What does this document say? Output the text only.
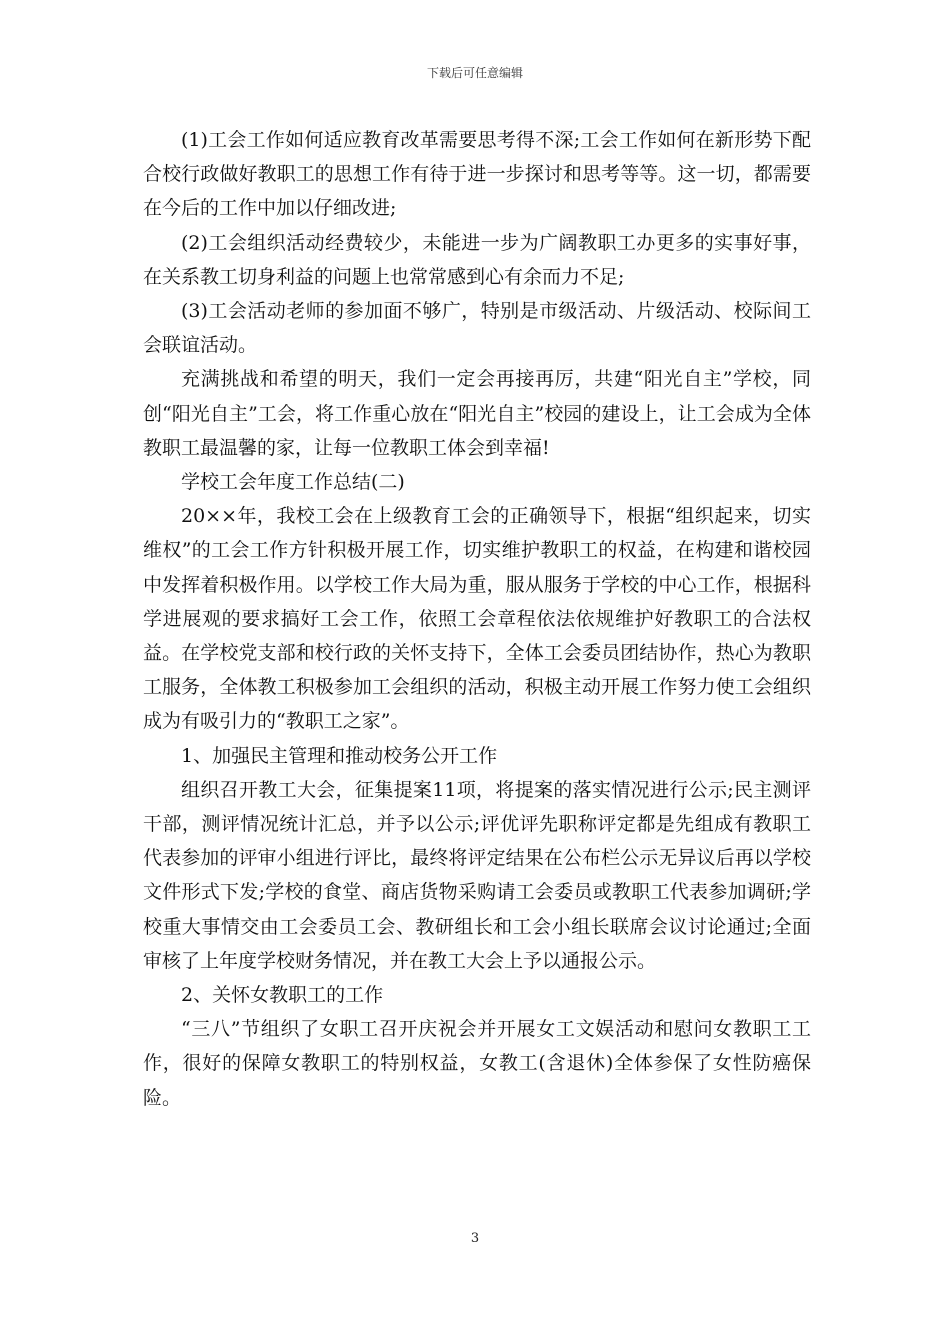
下载后可任意编辑

(1)工会工作如何适应教育改革需要思考得不深;工会工作如何在新形势下配合校行政做好教职工的思想工作有待于进一步探讨和思考等等。这一切，都需要在今后的工作中加以仔细改进;

(2)工会组织活动经费较少，未能进一步为广阔教职工办更多的实事好事，在关系教工切身利益的问题上也常常感到心有余而力不足;

(3)工会活动老师的参加面不够广，特别是市级活动、片级活动、校际间工会联谊活动。

充满挑战和希望的明天，我们一定会再接再厉，共建“阳光自主”学校，同创“阳光自主”工会，将工作重心放在“阳光自主”校园的建设上，让工会成为全体教职工最温馨的家，让每一位教职工体会到幸福!

学校工会年度工作总结(二)

20××年，我校工会在上级教育工会的正确领导下，根据“组织起来，切实维权”的工会工作方针积极开展工作，切实维护教职工的权益，在构建和谐校园中发挥着积极作用。以学校工作大局为重，服从服务于学校的中心工作，根据科学进展观的要求搞好工会工作，依照工会章程依法依规维护好教职工的合法权益。在学校党支部和校行政的关怀支持下，全体工会委员团结协作，热心为教职工服务，全体教工积极参加工会组织的活动，积极主动开展工作努力使工会组织成为有吸引力的“教职工之家”。

1、加强民主管理和推动校务公开工作

组织召开教工大会，征集提案11项，将提案的落实情况进行公示;民主测评干部，测评情况统计汇总，并予以公示;评优评先职称评定都是先组成有教职工代表参加的评审小组进行评比，最终将评定结果在公布栏公示无异议后再以学校文件形式下发;学校的食堂、商店货物采购请工会委员或教职工代表参加调研;学校重大事情交由工会委员工会、教研组长和工会小组长联席会议讨论通过;全面审核了上年度学校财务情况，并在教工大会上予以通报公示。

2、关怀女教职工的工作

“三八”节组织了女职工召开庆祝会并开展女工文娱活动和慰问女教职工工作，很好的保障女教职工的特别权益，女教工(含退休)全体参保了女性防癌保险。

3
